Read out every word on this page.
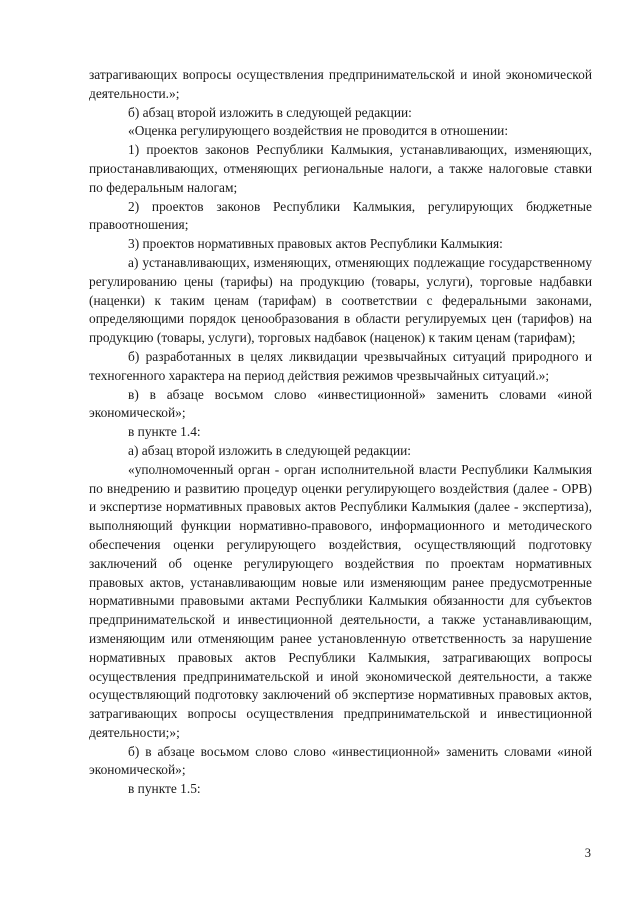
затрагивающих вопросы осуществления предпринимательской и иной экономической деятельности.»;

б) абзац второй изложить в следующей редакции:

«Оценка регулирующего воздействия не проводится в отношении:

1) проектов законов Республики Калмыкия, устанавливающих, изменяющих, приостанавливающих, отменяющих региональные налоги, а также налоговые ставки по федеральным налогам;

2) проектов законов Республики Калмыкия, регулирующих бюджетные правоотношения;

3) проектов нормативных правовых актов Республики Калмыкия:

а) устанавливающих, изменяющих, отменяющих подлежащие государственному регулированию цены (тарифы) на продукцию (товары, услуги), торговые надбавки (наценки) к таким ценам (тарифам) в соответствии с федеральными законами, определяющими порядок ценообразования в области регулируемых цен (тарифов) на продукцию (товары, услуги), торговых надбавок (наценок) к таким ценам (тарифам);

б) разработанных в целях ликвидации чрезвычайных ситуаций природного и техногенного характера на период действия режимов чрезвычайных ситуаций.»;

в) в абзаце восьмом слово «инвестиционной» заменить словами «иной экономической»;

в пункте 1.4:

а) абзац второй изложить в следующей редакции:

«уполномоченный орган - орган исполнительной власти Республики Калмыкия по внедрению и развитию процедур оценки регулирующего воздействия (далее - ОРВ) и экспертизе нормативных правовых актов Республики Калмыкия (далее - экспертиза), выполняющий функции нормативно-правового, информационного и методического обеспечения оценки регулирующего воздействия, осуществляющий подготовку заключений об оценке регулирующего воздействия по проектам нормативных правовых актов, устанавливающим новые или изменяющим ранее предусмотренные нормативными правовыми актами Республики Калмыкия обязанности для субъектов предпринимательской и инвестиционной деятельности, а также устанавливающим, изменяющим или отменяющим ранее установленную ответственность за нарушение нормативных правовых актов Республики Калмыкия, затрагивающих вопросы осуществления предпринимательской и иной экономической деятельности, а также осуществляющий подготовку заключений об экспертизе нормативных правовых актов, затрагивающих вопросы осуществления предпринимательской и инвестиционной деятельности;»;

б) в абзаце восьмом слово слово «инвестиционной» заменить словами «иной экономической»;

в пункте 1.5:

3
